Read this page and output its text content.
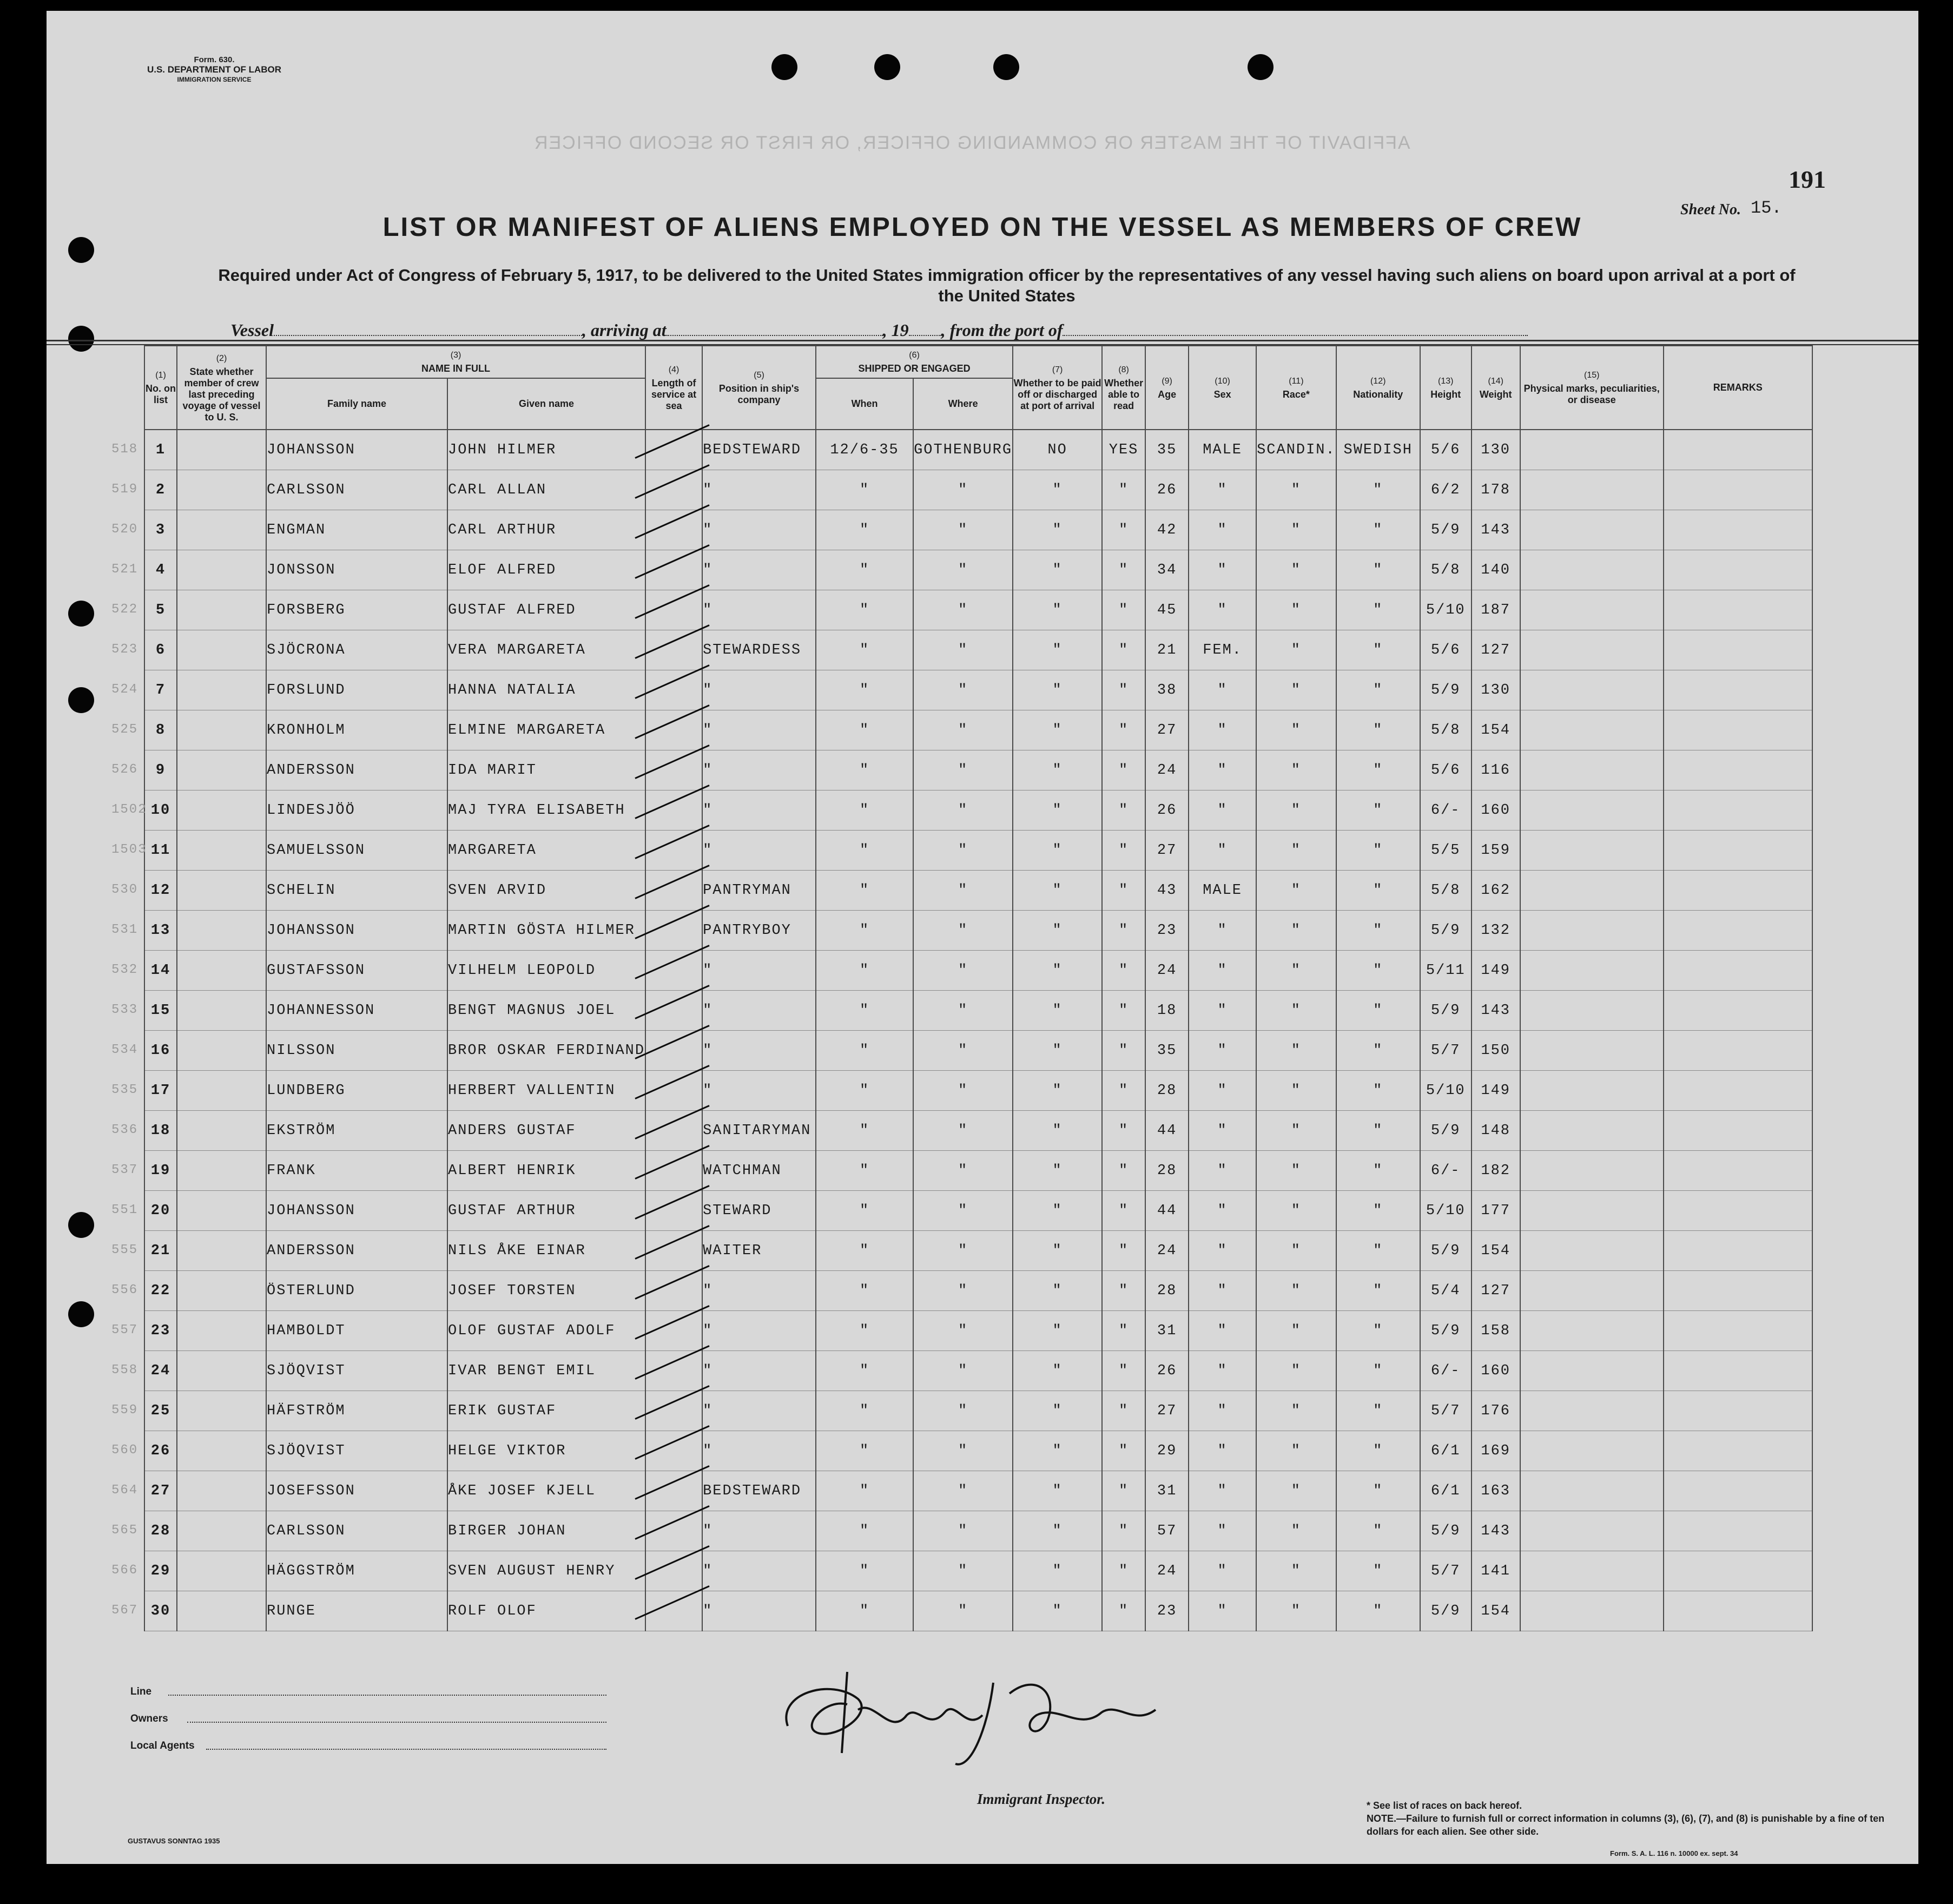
Form. 630.
U.S. DEPARTMENT OF LABOR
IMMIGRATION SERVICE
AFFIDAVIT OF THE MASTER OR COMMANDING OFFICER, OR FIRST OR SECOND OFFICER
191
Sheet No. 15.
LIST OR MANIFEST OF ALIENS EMPLOYED ON THE VESSEL AS MEMBERS OF CREW
Required under Act of Congress of February 5, 1917, to be delivered to the United States immigration officer by the representatives of any vessel having such aliens on board upon arrival at a port of the United States
Vessel	, arriving at	, 19 , from the port of
(1)
No. on list	(2)
State whether member of crew last preceding voyage of vessel to U. S.	(3)
NAME IN FULL		(4)
Length of service at sea	(5)
Position in ship's company	(6)
SHIPPED OR ENGAGED		(7)
Whether to be paid off or discharged at port of arrival	(8)
Whether able to read	(9)
Age	(10)
Sex	(11)
Race*	(12)
Nationality	(13)
Height	(14)
Weight	(15)
Physical marks, peculiarities, or disease	REMARKS
		Family name	Given name			When	Where										

518 1		JOHANSSON	JOHN HILMER		BEDSTEWARD	12/6-35	GOTHENBURG	NO	YES	35	MALE	SCANDIN.	SWEDISH	5/6	130		

519 2		CARLSSON	CARL ALLAN		"	"	"	"	"	26	"	"	"	6/2	178		

520 3		ENGMAN	CARL ARTHUR		"	"	"	"	"	42	"	"	"	5/9	143		

521 4		JONSSON	ELOF ALFRED		"	"	"	"	"	34	"	"	"	5/8	140		

522 5		FORSBERG	GUSTAF ALFRED		"	"	"	"	"	45	"	"	"	5/10	187		

523 6		SJÖCRONA	VERA MARGARETA		STEWARDESS	"	"	"	"	21	FEM.	"	"	5/6	127		

524 7		FORSLUND	HANNA NATALIA		"	"	"	"	"	38	"	"	"	5/9	130		

525 8		KRONHOLM	ELMINE MARGARETA		"	"	"	"	"	27	"	"	"	5/8	154		

526 9		ANDERSSON	IDA MARIT		"	"	"	"	"	24	"	"	"	5/6	116		

1502 10		LINDESJÖÖ	MAJ TYRA ELISABETH		"	"	"	"	"	26	"	"	"	6/-	160		

1503 11		SAMUELSSON	MARGARETA		"	"	"	"	"	27	"	"	"	5/5	159		

530 12		SCHELIN	SVEN ARVID		PANTRYMAN	"	"	"	"	43	MALE	"	"	5/8	162		

531 13		JOHANSSON	MARTIN GÖSTA HILMER		PANTRYBOY	"	"	"	"	23	"	"	"	5/9	132		

532 14		GUSTAFSSON	VILHELM LEOPOLD		"	"	"	"	"	24	"	"	"	5/11	149		

533 15		JOHANNESSON	BENGT MAGNUS JOEL		"	"	"	"	"	18	"	"	"	5/9	143		

534 16		NILSSON	BROR OSKAR FERDINAND		"	"	"	"	"	35	"	"	"	5/7	150		

535 17		LUNDBERG	HERBERT VALLENTIN		"	"	"	"	"	28	"	"	"	5/10	149		

536 18		EKSTRÖM	ANDERS GUSTAF		SANITARYMAN	"	"	"	"	44	"	"	"	5/9	148		

537 19		FRANK	ALBERT HENRIK		WATCHMAN	"	"	"	"	28	"	"	"	6/-	182		

551 20		JOHANSSON	GUSTAF ARTHUR		STEWARD	"	"	"	"	44	"	"	"	5/10	177		

555 21		ANDERSSON	NILS ÅKE EINAR		WAITER	"	"	"	"	24	"	"	"	5/9	154		

556 22		ÖSTERLUND	JOSEF TORSTEN		"	"	"	"	"	28	"	"	"	5/4	127		

557 23		HAMBOLDT	OLOF GUSTAF ADOLF		"	"	"	"	"	31	"	"	"	5/9	158		

558 24		SJÖQVIST	IVAR BENGT EMIL		"	"	"	"	"	26	"	"	"	6/-	160		

559 25		HÄFSTRÖM	ERIK GUSTAF		"	"	"	"	"	27	"	"	"	5/7	176		

560 26		SJÖQVIST	HELGE VIKTOR		"	"	"	"	"	29	"	"	"	6/1	169		

564 27		JOSEFSSON	ÅKE JOSEF KJELL		BEDSTEWARD	"	"	"	"	31	"	"	"	6/1	163		

565 28		CARLSSON	BIRGER JOHAN		"	"	"	"	"	57	"	"	"	5/9	143		

566 29		HÄGGSTRÖM	SVEN AUGUST HENRY		"	"	"	"	"	24	"	"	"	5/7	141		

567 30		RUNGE	ROLF OLOF		"	"	"	"	"	23	"	"	"	5/9	154		
Line
Owners
Local Agents
Immigrant Inspector.	* See list of races on back hereof.
NOTE.—Failure to furnish full or correct information in columns (3), (6), (7), and (8) is punishable by a fine of ten dollars for each alien. See other side.
GUSTAVUS SONNTAG 1935
Form. S. A. L. 116 n. 10000 ex. sept. 34
